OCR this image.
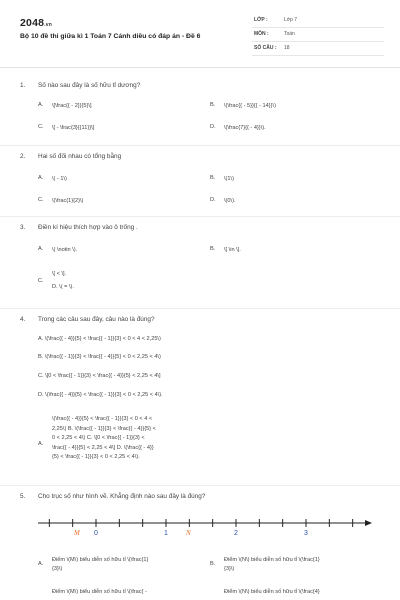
2048.vn
Bộ 10 đề thi giữa kì 1 Toán 7 Cánh diều có đáp án - Đề 6
LỚP :	Lớp 7
MÔN :	Toán
SỐ CÂU : 18
1. Số nào sau đây là số hữu tỉ dương?
A. \[\frac{{ - 2}}{5}\]	B. \(\frac{{ - 5}}{{ - 14}}\)
C. \[ - \frac{3}{{11}}\]	D. \(\frac{7}{{ - 4}}\).
2. Hai số đối nhau có tổng bằng
A. \( - 1\)	B. \(1\)
C. \(\frac{1}{2}\)	D. \(0\).
3. Điền kí hiệu thích hợp vào ô trống .
A. \( \notin \).	B. \[ \in \].
C.
\[ < \].
D. \( = \).
4. Trong các câu sau đây, câu nào là đúng?
A. \(\frac{{ - 4}}{5} < \frac{{ - 1}}{3} < 0 < 4 < 2,25\)
B. \(\frac{{ - 1}}{3} < \frac{{ - 4}}{5} < 0 < 2,25 < 4\)
C. \[0 < \frac{{ - 1}}{3} < \frac{{ - 4}}{5} < 2,25 < 4\]
D. \(\frac{{ - 4}}{5} < \frac{{ - 1}}{3} < 0 < 2,25 < 4\).
A.
\(\frac{{ - 4}}{5} < \frac{{ - 1}}{3} < 0 < 4 <
2,25\) B. \(\frac{{ - 1}}{3} < \frac{{ - 4}}{5} <
0 < 2,25 < 4\) C. \[0 < \frac{{ - 1}}{3} <
\frac{{ - 4}}{5} < 2,25 < 4\] D. \(\frac{{ - 4}}
{5} < \frac{{ - 1}}{3} < 0 < 2,25 < 4\).
5. Cho trục số như hình vẽ. Khẳng định nào sau đây là đúng?
M 0	1	N	2	3
A.
Điểm \(M\) biểu diễn số hữu tỉ \(\frac{1}
{3}\)
B.
Điểm \(N\) biểu diễn số hữu tỉ \(\frac{1}
{3}\)
Điểm \(M\) biểu diễn số hữu tỉ \(\frac{ -	Điểm \(N\) biểu diễn số hữu tỉ \(\frac{4}
